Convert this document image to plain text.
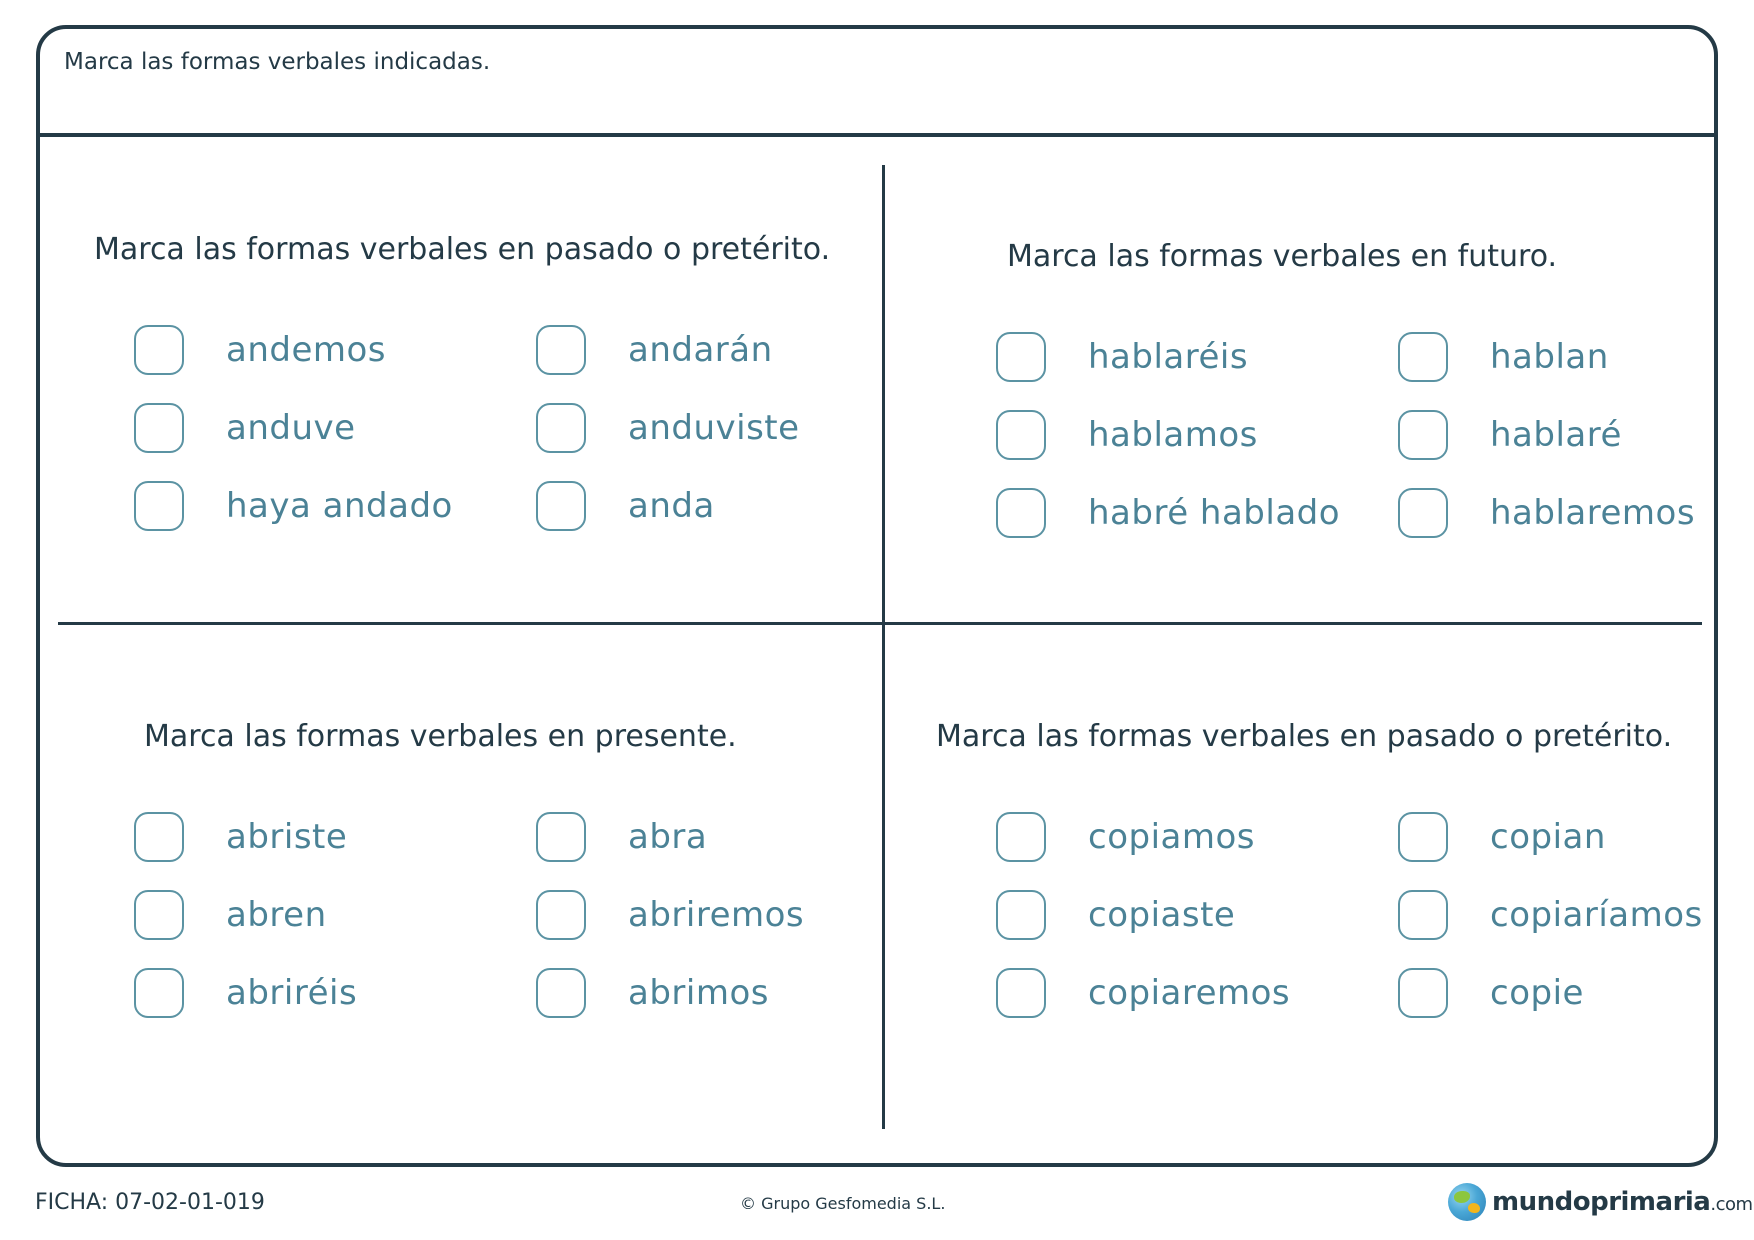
Marca las formas verbales indicadas.
Marca las formas verbales en pasado o pretérito.
andemos	andarán
anduve	anduviste
haya andado	anda
Marca las formas verbales en futuro.
hablaréis	hablan
hablamos	hablaré
habré hablado	hablaremos
Marca las formas verbales en presente.
abriste	abra
abren	abriremos
abriréis	abrimos
Marca las formas verbales en pasado o pretérito.
copiamos	copian
copiaste	copiaríamos
copiaremos	copie
FICHA: 07-02-01-019	© Grupo Gesfomedia S.L.	mundoprimaria.com
